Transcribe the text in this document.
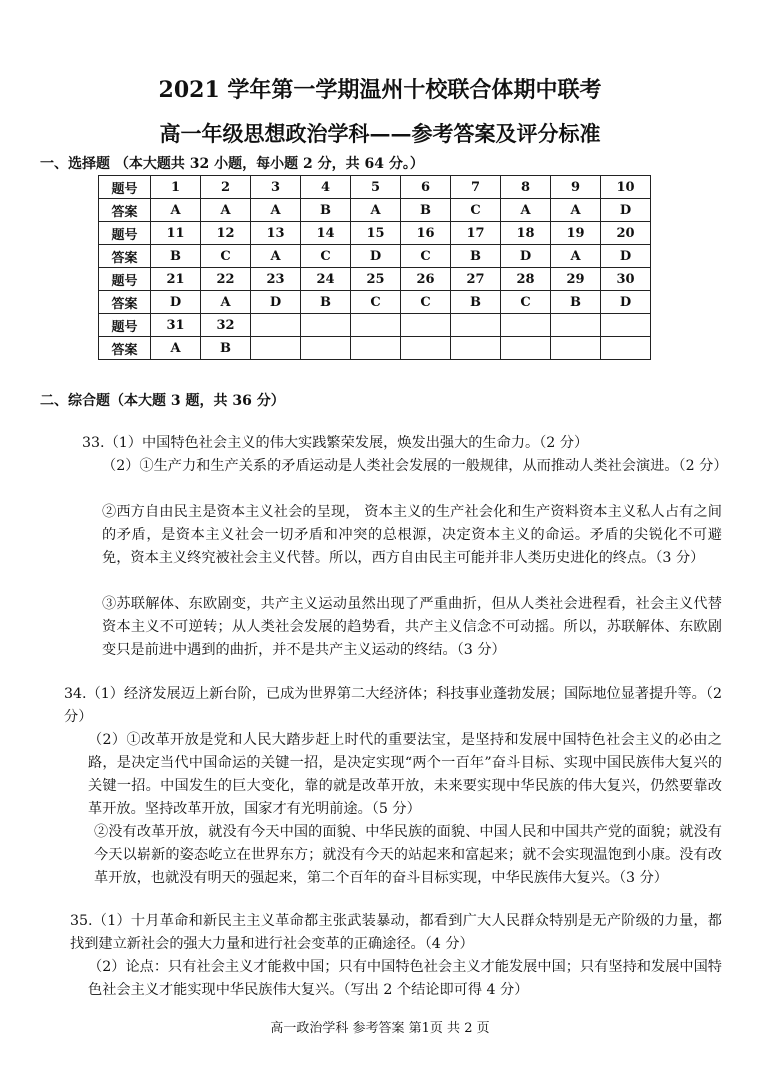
2021 学年第一学期温州十校联合体期中联考
高一年级思想政治学科——参考答案及评分标准
一、选择题 （本大题共 32 小题，每小题 2 分，共 64 分。）
题号	1	2	3	4	5	6	7	8	9	10
答案	A	A	A	B	A	B	C	A	A	D
题号	11	12	13	14	15	16	17	18	19	20
答案	B	C	A	C	D	C	B	D	A	D
题号	21	22	23	24	25	26	27	28	29	30
答案	D	A	D	B	C	C	B	C	B	D
题号	31	32								
答案	A	B								
二、综合题（本大题 3 题，共 36 分）
33.（1）中国特色社会主义的伟大实践繁荣发展，焕发出强大的生命力。（2 分）
（2）①生产力和生产关系的矛盾运动是人类社会发展的一般规律，从而推动人类社会演进。（2 分）
②西方自由民主是资本主义社会的呈现， 资本主义的生产社会化和生产资料资本主义私人占有之间的矛盾，是资本主义社会一切矛盾和冲突的总根源，决定资本主义的命运。矛盾的尖锐化不可避免，资本主义终究被社会主义代替。所以，西方自由民主可能并非人类历史进化的终点。（3 分）
③苏联解体、东欧剧变，共产主义运动虽然出现了严重曲折，但从人类社会进程看，社会主义代替资本主义不可逆转；从人类社会发展的趋势看，共产主义信念不可动摇。所以，苏联解体、东欧剧变只是前进中遇到的曲折，并不是共产主义运动的终结。（3 分）
34.（1）经济发展迈上新台阶，已成为世界第二大经济体；科技事业蓬勃发展；国际地位显著提升等。（2 分）
（2）①改革开放是党和人民大踏步赶上时代的重要法宝，是坚持和发展中国特色社会主义的必由之路，是决定当代中国命运的关键一招，是决定实现“两个一百年”奋斗目标、实现中国民族伟大复兴的关键一招。中国发生的巨大变化，靠的就是改革开放，未来要实现中华民族的伟大复兴，仍然要靠改革开放。坚持改革开放，国家才有光明前途。（5 分）
②没有改革开放，就没有今天中国的面貌、中华民族的面貌、中国人民和中国共产党的面貌；就没有今天以崭新的姿态屹立在世界东方；就没有今天的站起来和富起来；就不会实现温饱到小康。没有改革开放，也就没有明天的强起来，第二个百年的奋斗目标实现，中华民族伟大复兴。（3 分）
35.（1）十月革命和新民主主义革命都主张武装暴动，都看到广大人民群众特别是无产阶级的力量，都找到建立新社会的强大力量和进行社会变革的正确途径。（4 分）
（2）论点：只有社会主义才能救中国；只有中国特色社会主义才能发展中国；只有坚持和发展中国特色社会主义才能实现中华民族伟大复兴。（写出 2 个结论即可得 4 分）
高一政治学科 参考答案 第1页 共 2 页
